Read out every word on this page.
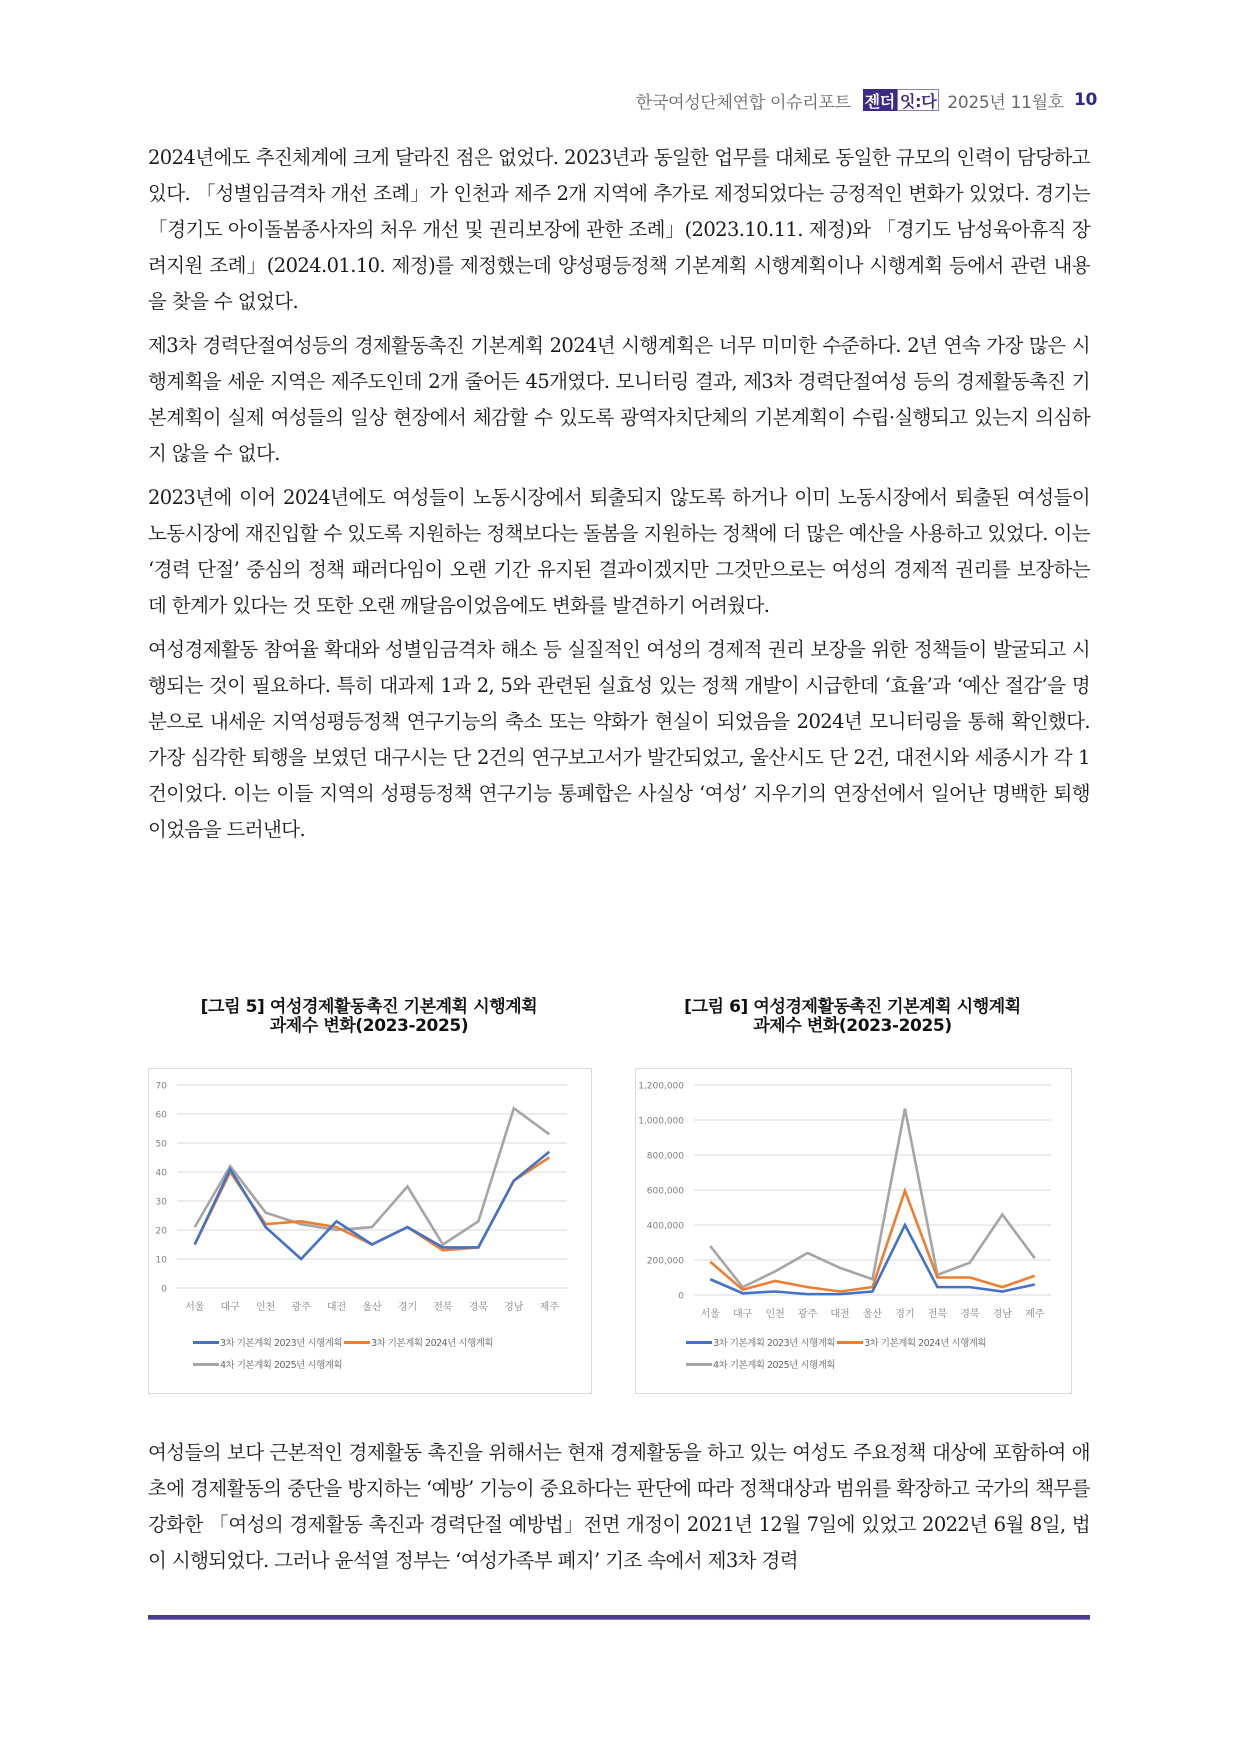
한국여성단체연합 이슈리포트 젠더 잇:다 2025년 11월호 10

2024년에도 추진체계에 크게 달라진 점은 없었다. 2023년과 동일한 업무를 대체로 동일한 규모의 인력이 담당하고 있다. 「성별임금격차 개선 조례」가 인천과 제주 2개 지역에 추가로 제정되었다는 긍정적인 변화가 있었다. 경기는 「경기도 아이돌봄종사자의 처우 개선 및 권리보장에 관한 조례」(2023.10.11. 제정)와 「경기도 남성육아휴직 장려지원 조례」(2024.01.10. 제정)를 제정했는데 양성평등정책 기본계획 시행계획이나 시행계획 등에서 관련 내용을 찾을 수 없었다.

제3차 경력단절여성등의 경제활동촉진 기본계획 2024년 시행계획은 너무 미미한 수준하다. 2년 연속 가장 많은 시행계획을 세운 지역은 제주도인데 2개 줄어든 45개였다. 모니터링 결과, 제3차 경력단절여성 등의 경제활동촉진 기본계획이 실제 여성들의 일상 현장에서 체감할 수 있도록 광역자치단체의 기본계획이 수립·실행되고 있는지 의심하지 않을 수 없다.

2023년에 이어 2024년에도 여성들이 노동시장에서 퇴출되지 않도록 하거나 이미 노동시장에서 퇴출된 여성들이 노동시장에 재진입할 수 있도록 지원하는 정책보다는 돌봄을 지원하는 정책에 더 많은 예산을 사용하고 있었다. 이는 ‘경력 단절’ 중심의 정책 패러다임이 오랜 기간 유지된 결과이겠지만 그것만으로는 여성의 경제적 권리를 보장하는 데 한계가 있다는 것 또한 오랜 깨달음이었음에도 변화를 발견하기 어려웠다.

여성경제활동 참여율 확대와 성별임금격차 해소 등 실질적인 여성의 경제적 권리 보장을 위한 정책들이 발굴되고 시행되는 것이 필요하다. 특히 대과제 1과 2, 5와 관련된 실효성 있는 정책 개발이 시급한데 ‘효율’과 ‘예산 절감’을 명분으로 내세운 지역성평등정책 연구기능의 축소 또는 약화가 현실이 되었음을 2024년 모니터링을 통해 확인했다. 가장 심각한 퇴행을 보였던 대구시는 단 2건의 연구보고서가 발간되었고, 울산시도 단 2건, 대전시와 세종시가 각 1건이었다. 이는 이들 지역의 성평등정책 연구기능 통폐합은 사실상 ‘여성’ 지우기의 연장선에서 일어난 명백한 퇴행이었음을 드러낸다.

[그림 5] 여성경제활동촉진 기본계획 시행계획
과제수 변화(2023-2025)
0
10
20
30
40
50
60
70
서울 대구 인천 광주 대전 울산 경기 전북 경북 경남 제주
3차 기본계획 2023년 시행계획	3차 기본계획 2024년 시행계획
4차 기본계획 2025년 시행계획
[그림 6] 여성경제활동촉진 기본계획 시행계획
과제수 변화(2023-2025)
0
200,000
400,000
600,000
800,000
1,000,000
1,200,000
서울 대구 인천 광주 대전 울산 경기 전북 경북 경남 제주
3차 기본계획 2023년 시행계획	3차 기본계획 2024년 시행계획
4차 기본계획 2025년 시행계획

여성들의 보다 근본적인 경제활동 촉진을 위해서는 현재 경제활동을 하고 있는 여성도 주요정책 대상에 포함하여 애초에 경제활동의 중단을 방지하는 ‘예방’ 기능이 중요하다는 판단에 따라 정책대상과 범위를 확장하고 국가의 책무를 강화한 「여성의 경제활동 촉진과 경력단절 예방법」전면 개정이 2021년 12월 7일에 있었고 2022년 6월 8일, 법이 시행되었다. 그러나 윤석열 정부는 ‘여성가족부 폐지’ 기조 속에서 제3차 경력
